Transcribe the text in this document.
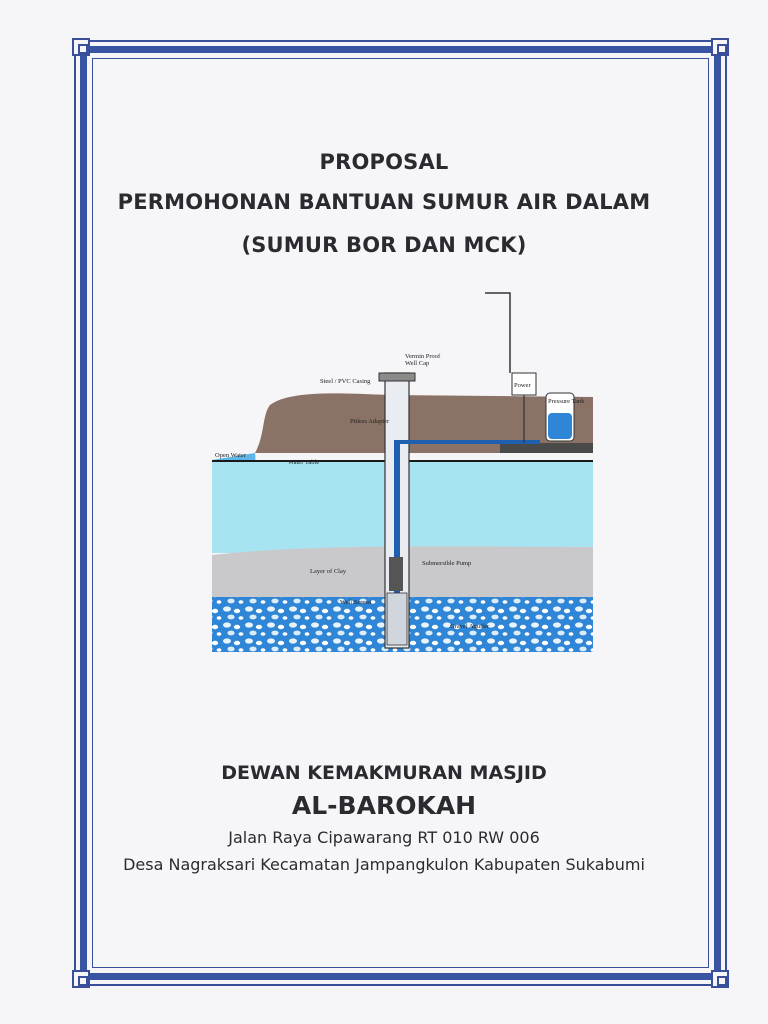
PROPOSAL
PERMOHONAN BANTUAN SUMUR AIR DALAM
(SUMUR BOR DAN MCK)
Vermin Proof Well Cap
Steel / PVC Casing
Pitless Adapter
Power
Pressure Tank
Open Water
Water Table
Layer of Clay
Submersible Pump
Well Screen
Gravel Aquifer
DEWAN KEMAKMURAN MASJID
AL-BAROKAH
Jalan Raya Cipawarang RT 010 RW 006
Desa Nagraksari Kecamatan Jampangkulon Kabupaten Sukabumi
